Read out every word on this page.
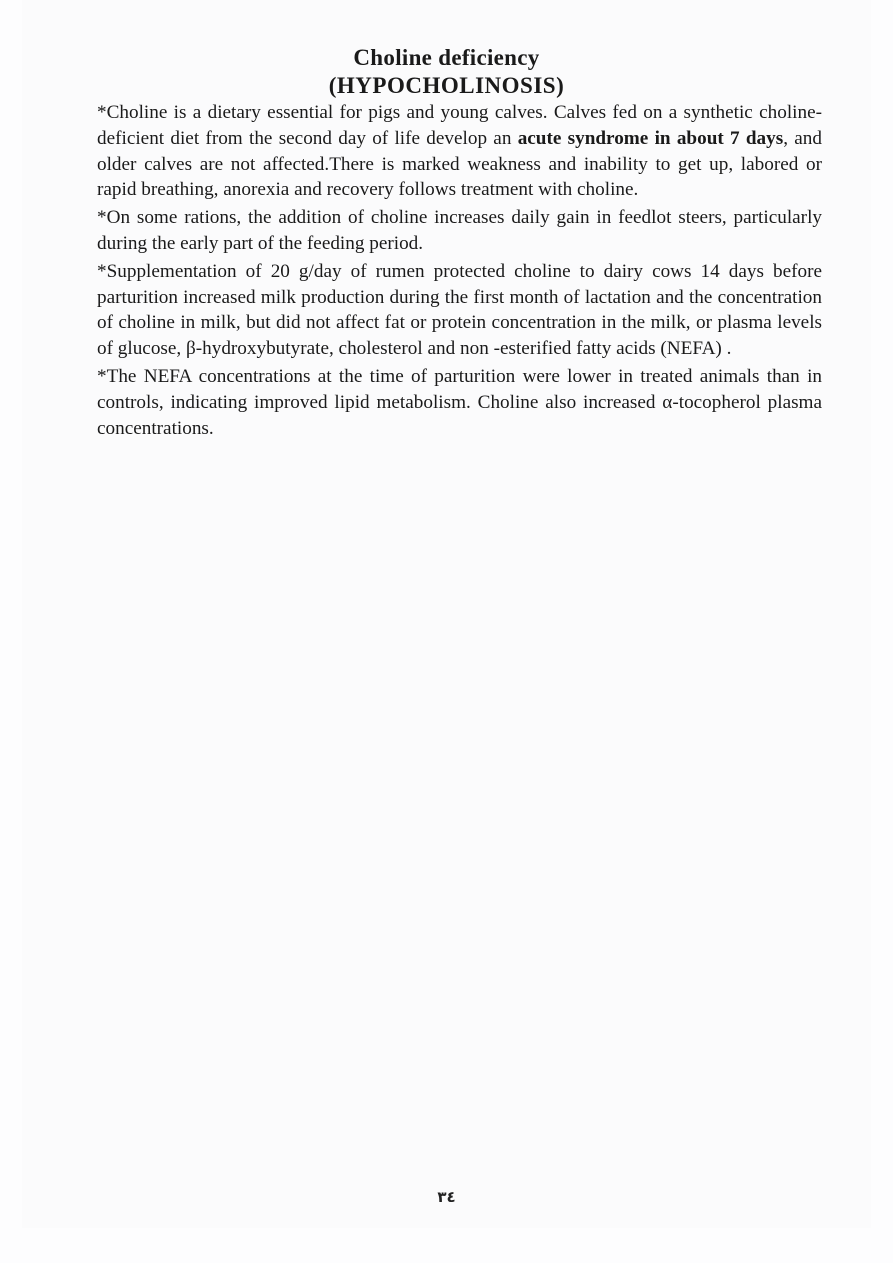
Choline deficiency
(HYPOCHOLINOSIS)

*Choline is a dietary essential for pigs and young calves. Calves fed on a synthetic choline-deficient diet from the second day of life develop an acute syndrome in about 7 days, and older calves are not affected.There is marked weakness and inability to get up, labored or rapid breathing, anorexia and recovery follows treatment with choline.

*On some rations, the addition of choline increases daily gain in feedlot steers, particularly during the early part of the feeding period.

*Supplementation of 20 g/day of rumen protected choline to dairy cows 14 days before parturition increased milk production during the first month of lactation and the concentration of choline in milk, but did not affect fat or protein concentration in the milk, or plasma levels of glucose, β-hydroxybutyrate, cholesterol and non -esterified fatty acids (NEFA) .

*The NEFA concentrations at the time of parturition were lower in treated animals than in controls, indicating improved lipid metabolism. Choline also increased α-tocopherol plasma concentrations.

٣٤
